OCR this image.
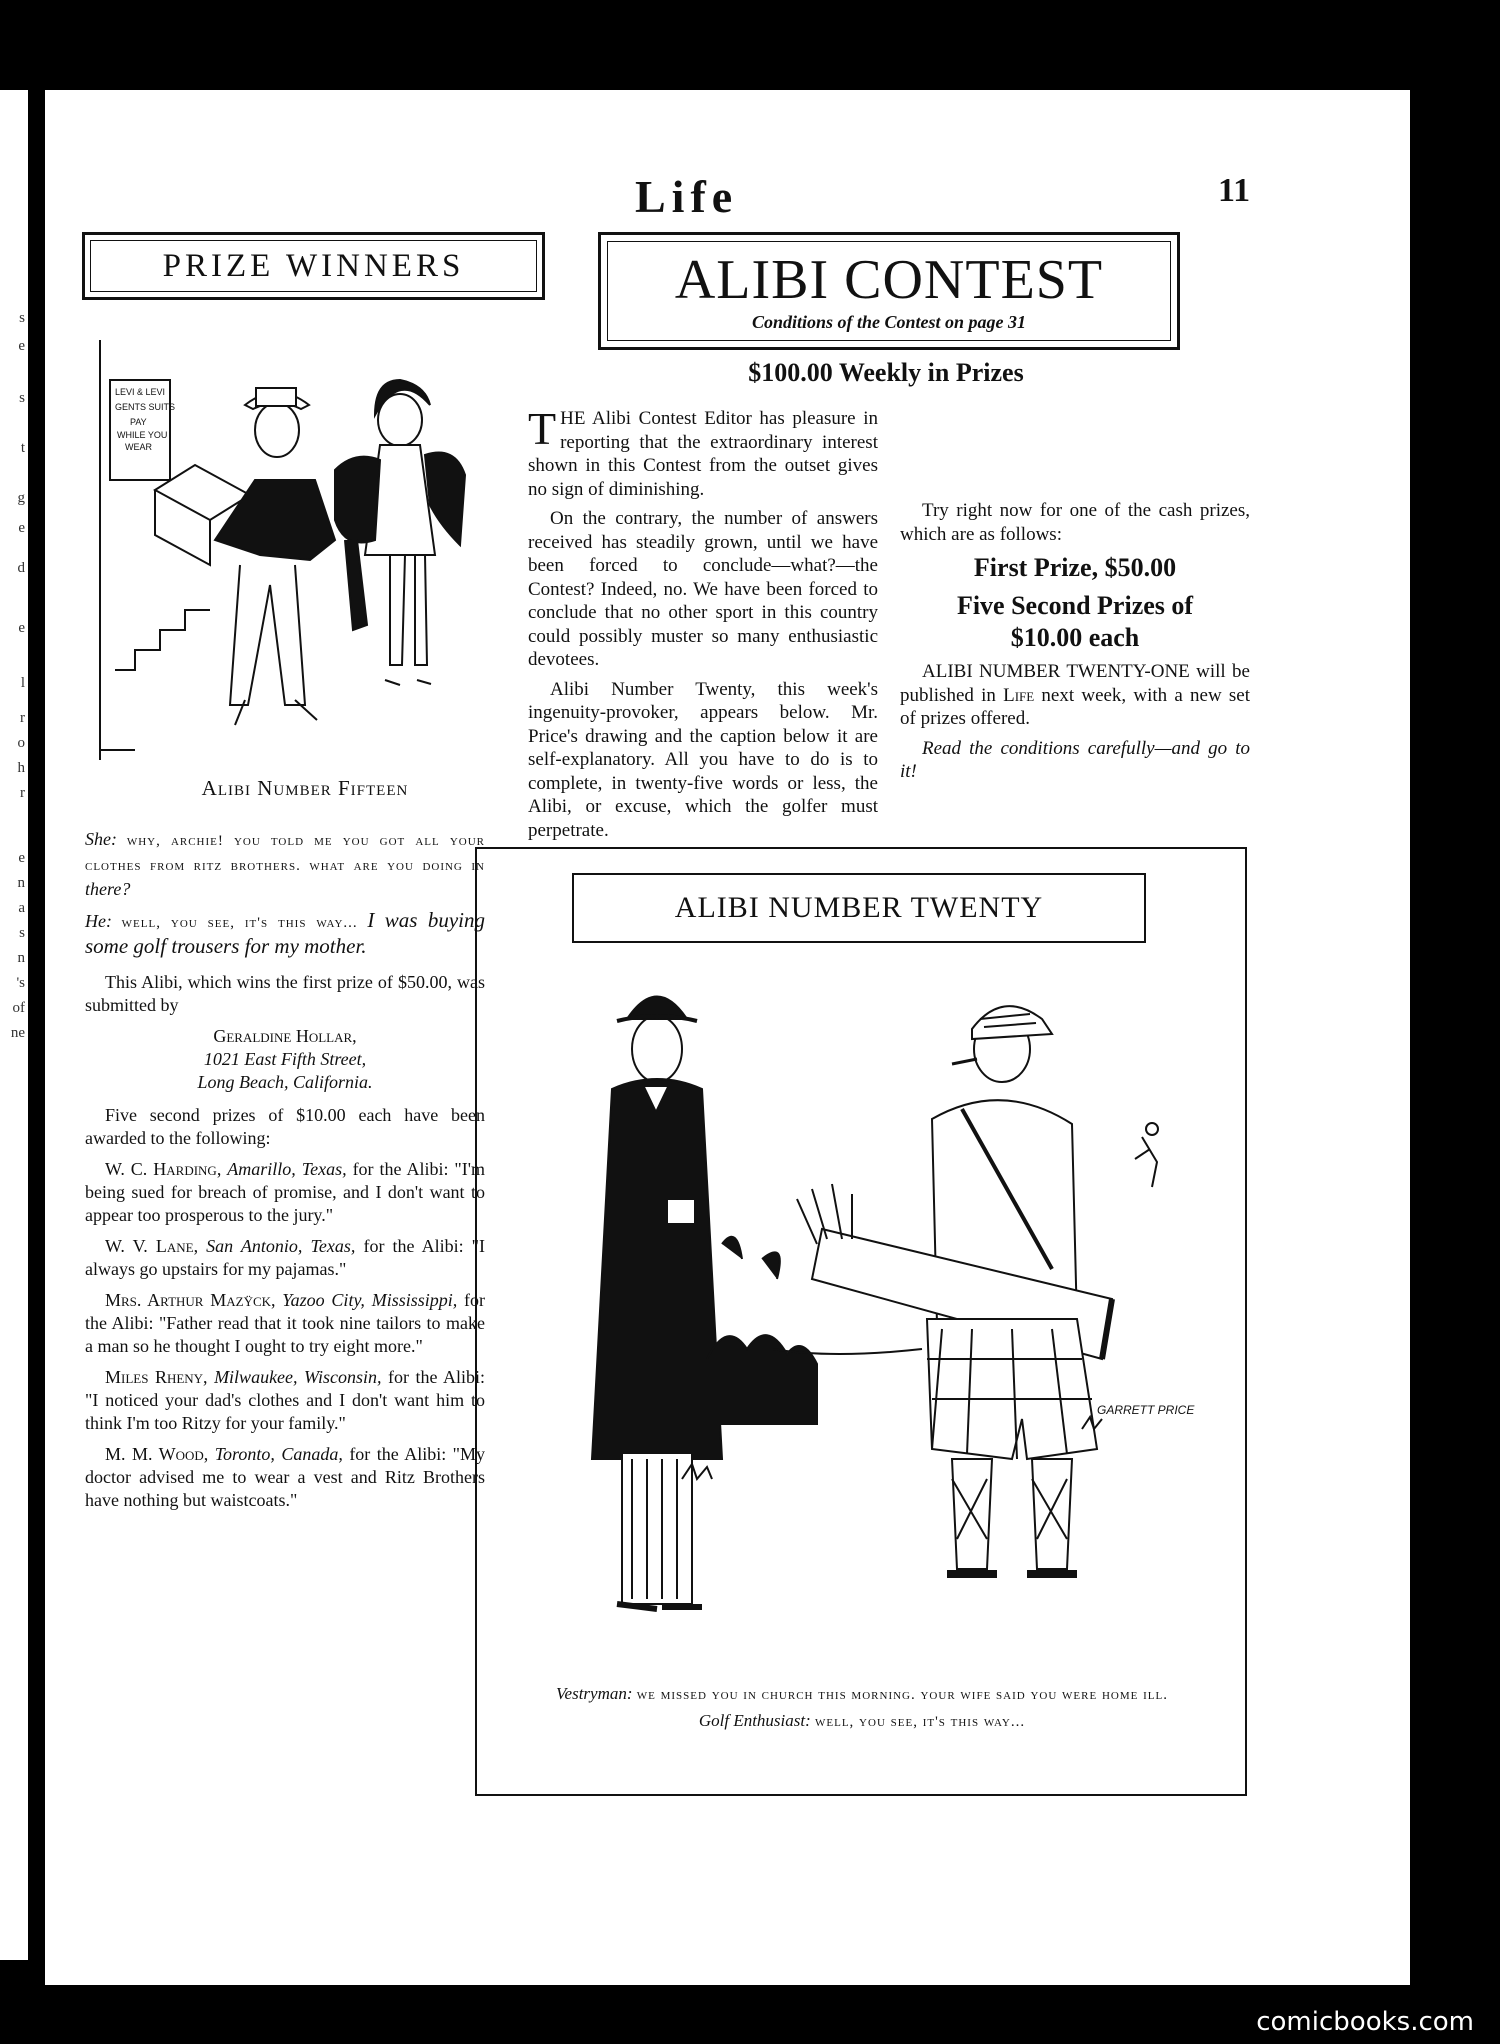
s
e
s
t
g
e
d
e
l
r
o
h
r
e
n
a
s
n
's
of
ne
Life	11
PRIZE WINNERS	ALIBI CONTEST
Conditions of the Contest on page 31
$100.00 Weekly in Prizes
LEVI & LEVI
GENTS SUITS
PAY
WHILE YOU
WEAR
Alibi Number Fifteen

She: why, archie! you told me you got all your clothes from ritz brothers. what are you doing in there?

He: well, you see, it's this way... I was buying some golf trousers for my mother.

This Alibi, which wins the first prize of $50.00, was submitted by

Geraldine Hollar,
1021 East Fifth Street,
Long Beach, California.

Five second prizes of $10.00 each have been awarded to the following:

W. C. Harding, Amarillo, Texas, for the Alibi: "I'm being sued for breach of promise, and I don't want to appear too prosperous to the jury."

W. V. Lane, San Antonio, Texas, for the Alibi: "I always go upstairs for my pajamas."

Mrs. Arthur Mazÿck, Yazoo City, Mississippi, for the Alibi: "Father read that it took nine tailors to make a man so he thought I ought to try eight more."

Miles Rheny, Milwaukee, Wisconsin, for the Alibi: "I noticed your dad's clothes and I don't want him to think I'm too Ritzy for your family."

M. M. Wood, Toronto, Canada, for the Alibi: "My doctor advised me to wear a vest and Ritz Brothers have nothing but waistcoats."

THE Alibi Contest Editor has pleasure in reporting that the extraordinary interest shown in this Contest from the outset gives no sign of diminishing.

On the contrary, the number of answers received has steadily grown, until we have been forced to conclude—what?—the Contest? Indeed, no. We have been forced to conclude that no other sport in this country could possibly muster so many enthusiastic devotees.

Alibi Number Twenty, this week's ingenuity-provoker, appears below. Mr. Price's drawing and the caption below it are self-explanatory. All you have to do is to complete, in twenty-five words or less, the Alibi, or excuse, which the golfer must perpetrate.

Try right now for one of the cash prizes, which are as follows:

First Prize, $50.00

Five Second Prizes of

$10.00 each

ALIBI NUMBER TWENTY-ONE will be published in Life next week, with a new set of prizes offered.

Read the conditions carefully—and go to it!

ALIBI NUMBER TWENTY
GARRETT PRICE
Vestryman: we missed you in church this morning. your wife said you were home ill.
Golf Enthusiast: well, you see, it's this way...
comicbooks.com
